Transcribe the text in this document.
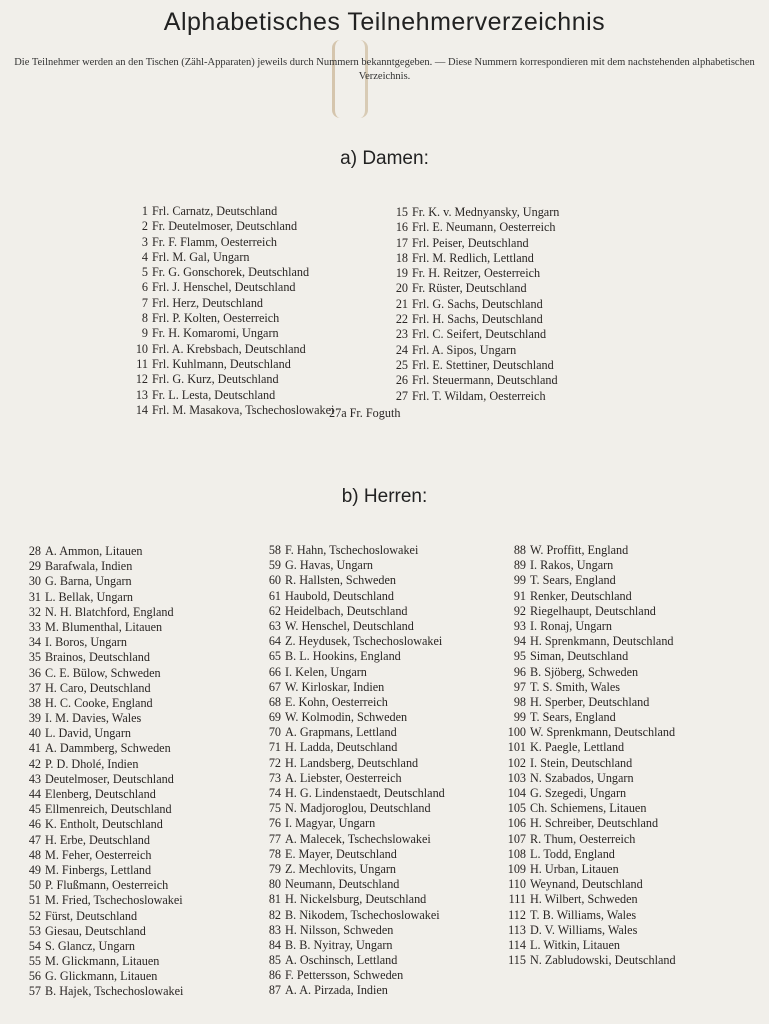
Alphabetisches Teilnehmerverzeichnis
Die Teilnehmer werden an den Tischen (Zähl-Apparaten) jeweils durch Nummern bekanntgegeben. — Diese Nummern korrespondieren mit dem nachstehenden alphabetischen Verzeichnis.
a) Damen:
1 Frl. Carnatz, Deutschland
2 Fr. Deutelmoser, Deutschland
3 Fr. F. Flamm, Oesterreich
4 Frl. M. Gal, Ungarn
5 Fr. G. Gonschorek, Deutschland
6 Frl. J. Henschel, Deutschland
7 Frl. Herz, Deutschland
8 Frl. P. Kolten, Oesterreich
9 Fr. H. Komaromi, Ungarn
10 Frl. A. Krebsbach, Deutschland
11 Frl. Kuhlmann, Deutschland
12 Frl. G. Kurz, Deutschland
13 Fr. L. Lesta, Deutschland
14 Frl. M. Masakova, Tschechoslowakei
15 Fr. K. v. Mednyansky, Ungarn
16 Frl. E. Neumann, Oesterreich
17 Frl. Peiser, Deutschland
18 Frl. M. Redlich, Lettland
19 Fr. H. Reitzer, Oesterreich
20 Fr. Rüster, Deutschland
21 Frl. G. Sachs, Deutschland
22 Frl. H. Sachs, Deutschland
23 Frl. C. Seifert, Deutschland
24 Frl. A. Sipos, Ungarn
25 Frl. E. Stettiner, Deutschland
26 Frl. Steuermann, Deutschland
27 Frl. T. Wildam, Oesterreich
27a Fr. Foguth
b) Herren:
28 A. Ammon, Litauen
29 Barafwala, Indien
30 G. Barna, Ungarn
31 L. Bellak, Ungarn
32 N. H. Blatchford, England
33 M. Blumenthal, Litauen
34 I. Boros, Ungarn
35 Brainos, Deutschland
36 C. E. Bülow, Schweden
37 H. Caro, Deutschland
38 H. C. Cooke, England
39 I. M. Davies, Wales
40 L. David, Ungarn
41 A. Dammberg, Schweden
42 P. D. Dholé, Indien
43 Deutelmoser, Deutschland
44 Elenberg, Deutschland
45 Ellmenreich, Deutschland
46 K. Entholt, Deutschland
47 H. Erbe, Deutschland
48 M. Feher, Oesterreich
49 M. Finbergs, Lettland
50 P. Flußmann, Oesterreich
51 M. Fried, Tschechoslowakei
52 Fürst, Deutschland
53 Giesau, Deutschland
54 S. Glancz, Ungarn
55 M. Glickmann, Litauen
56 G. Glickmann, Litauen
57 B. Hajek, Tschechoslowakei
58 F. Hahn, Tschechoslowakei
59 G. Havas, Ungarn
60 R. Hallsten, Schweden
61 Haubold, Deutschland
62 Heidelbach, Deutschland
63 W. Henschel, Deutschland
64 Z. Heydusek, Tschechoslowakei
65 B. L. Hookins, England
66 I. Kelen, Ungarn
67 W. Kirloskar, Indien
68 E. Kohn, Oesterreich
69 W. Kolmodin, Schweden
70 A. Grapmans, Lettland
71 H. Ladda, Deutschland
72 H. Landsberg, Deutschland
73 A. Liebster, Oesterreich
74 H. G. Lindenstaedt, Deutschland
75 N. Madjoroglou, Deutschland
76 I. Magyar, Ungarn
77 A. Malecek, Tschechslowakei
78 E. Mayer, Deutschland
79 Z. Mechlovits, Ungarn
80 Neumann, Deutschland
81 H. Nickelsburg, Deutschland
82 B. Nikodem, Tschechoslowakei
83 H. Nilsson, Schweden
84 B. B. Nyitray, Ungarn
85 A. Oschinsch, Lettland
86 F. Pettersson, Schweden
87 A. A. Pirzada, Indien
88 W. Proffitt, England
89 I. Rakos, Ungarn
99 T. Sears, England
91 Renker, Deutschland
92 Riegelhaupt, Deutschland
93 I. Ronaj, Ungarn
94 H. Sprenkmann, Deutschland
95 Siman, Deutschland
96 B. Sjöberg, Schweden
97 T. S. Smith, Wales
98 H. Sperber, Deutschland
99 T. Sears, England
100 W. Sprenkmann, Deutschland
101 K. Paegle, Lettland
102 I. Stein, Deutschland
103 N. Szabados, Ungarn
104 G. Szegedi, Ungarn
105 Ch. Schiemens, Litauen
106 H. Schreiber, Deutschland
107 R. Thum, Oesterreich
108 L. Todd, England
109 H. Urban, Litauen
110 Weynand, Deutschland
111 H. Wilbert, Schweden
112 T. B. Williams, Wales
113 D. V. Williams, Wales
114 L. Witkin, Litauen
115 N. Zabludowski, Deutschland
